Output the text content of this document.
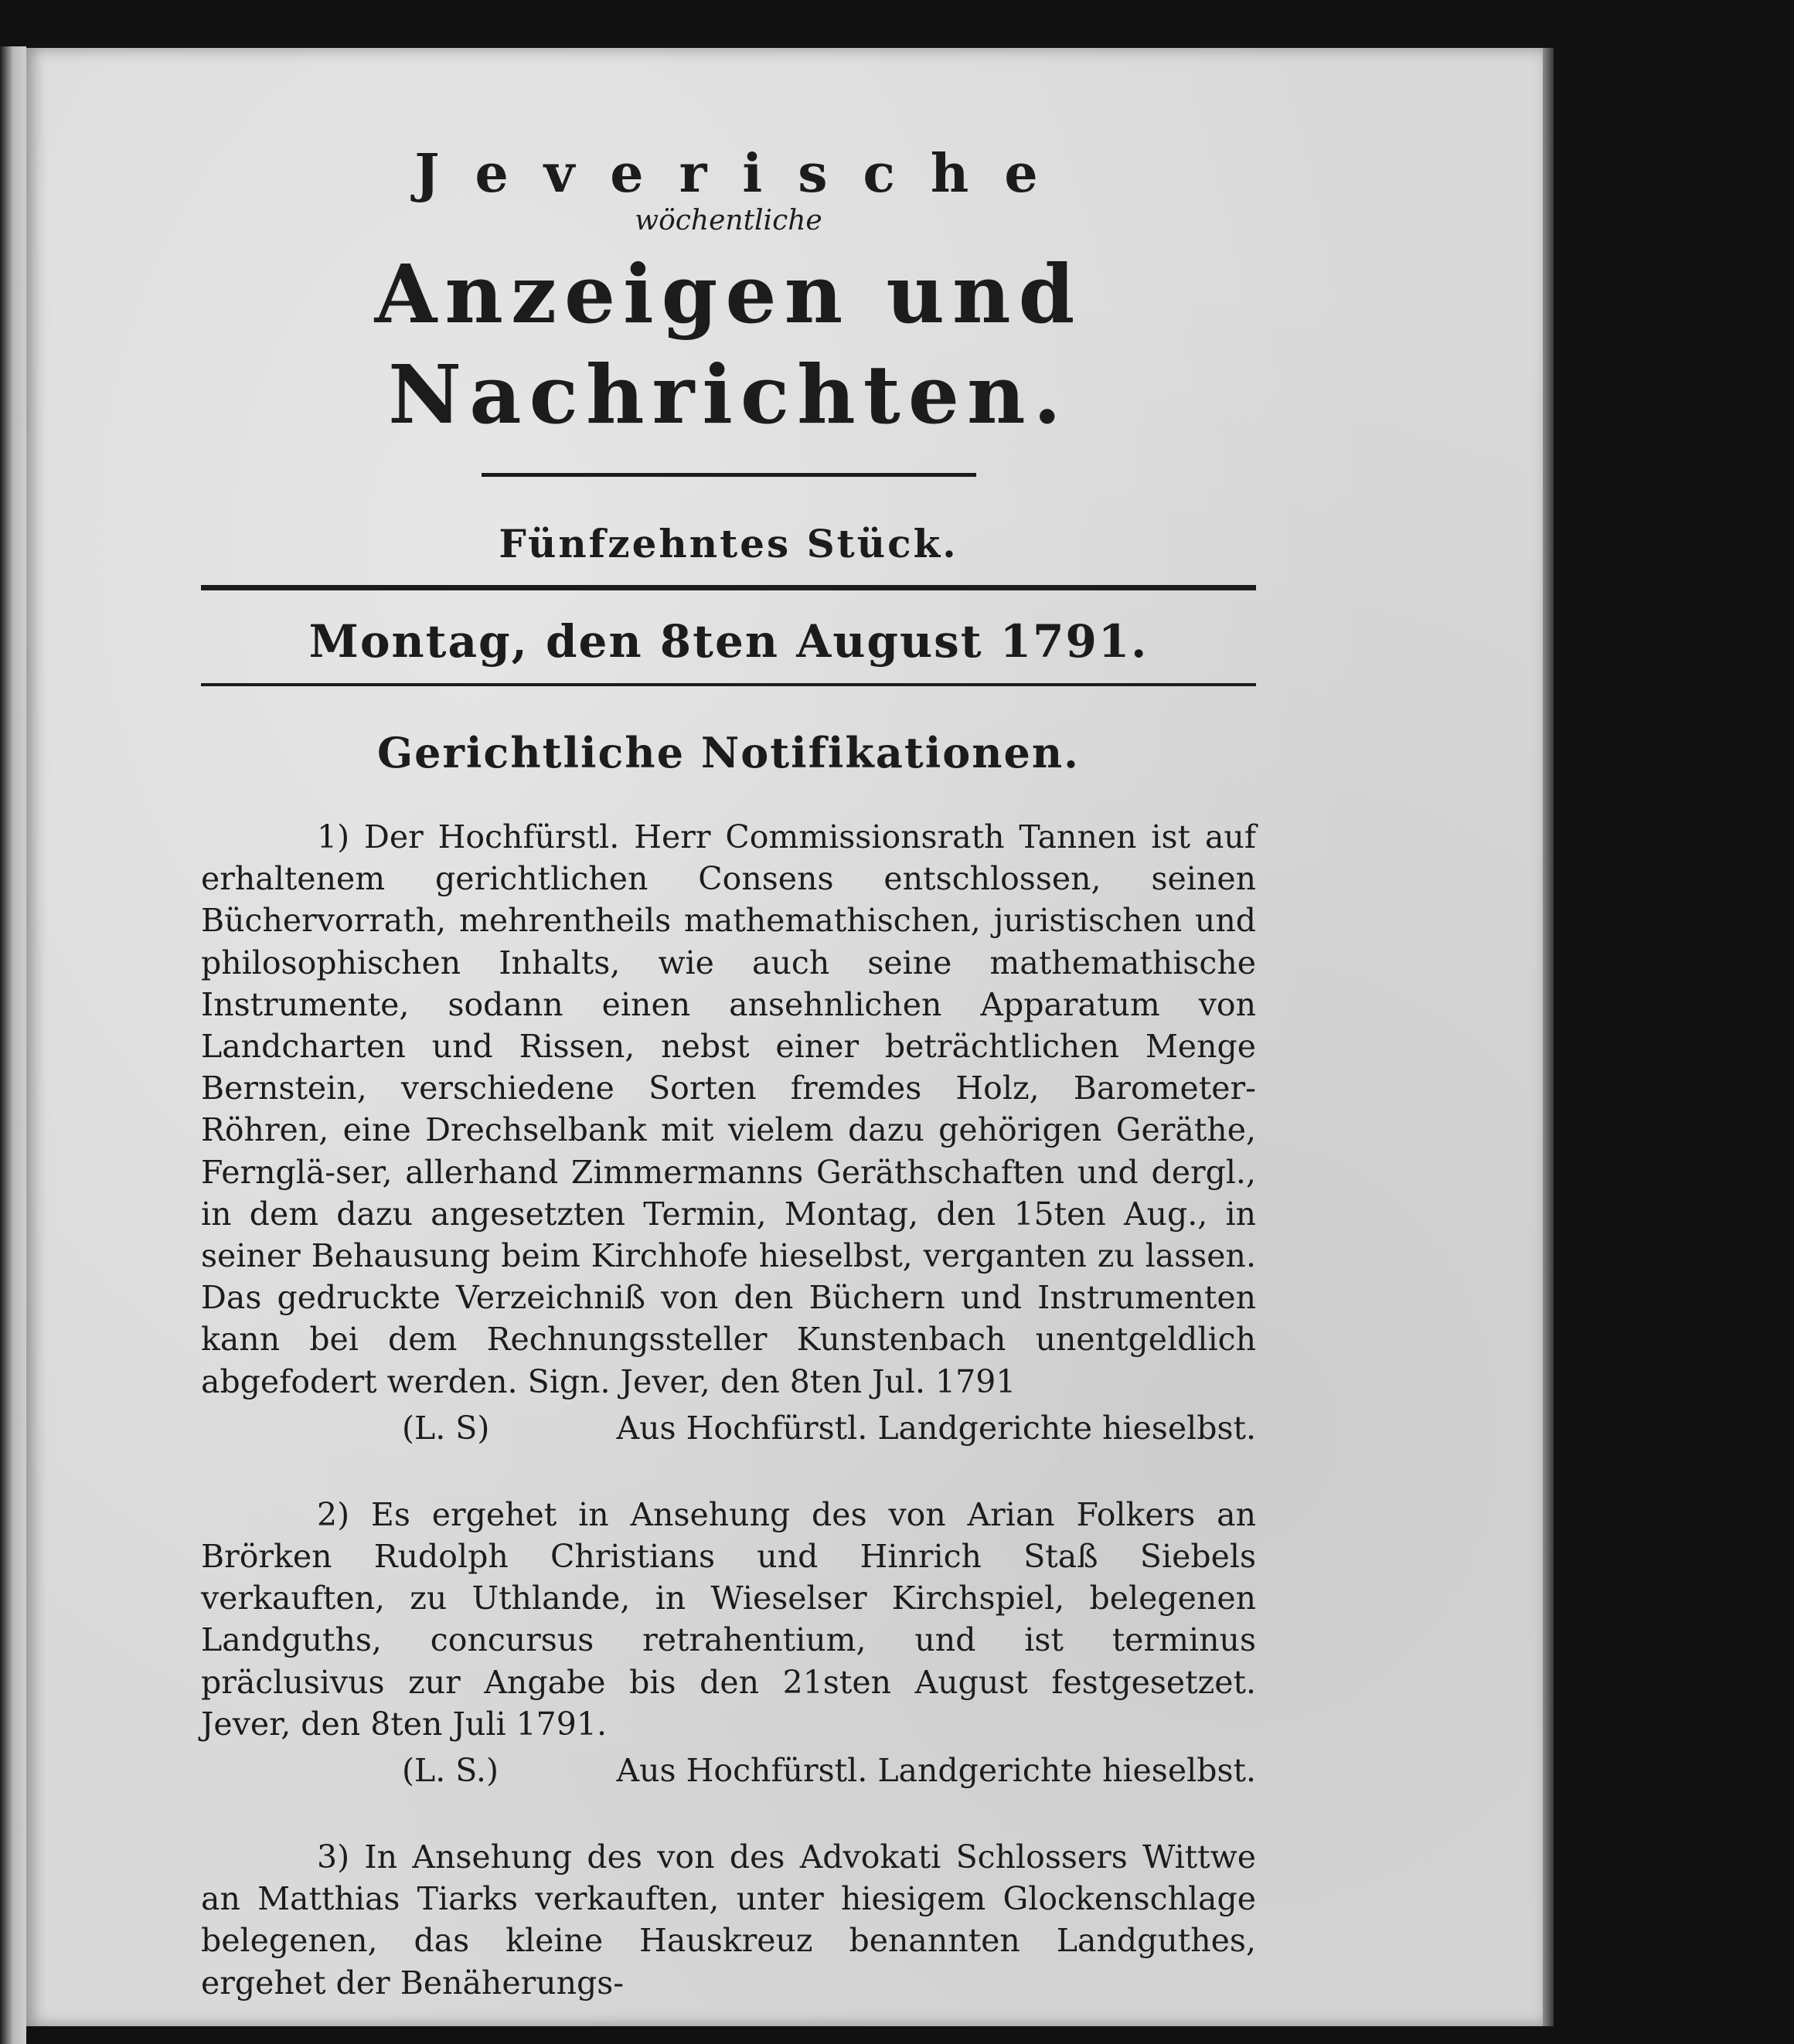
Jeverische
wöchentliche
Anzeigen und Nachrichten.
Fünfzehntes Stück.
Montag, den 8ten August 1791.
Gerichtliche Notifikationen.

1) Der Hochfürstl. Herr Commissionsrath Tannen ist auf erhaltenem gerichtlichen Consens entschlossen, seinen Büchervorrath, mehrentheils mathemathischen, juristischen und philosophischen Inhalts, wie auch seine mathemathische Instrumente, sodann einen ansehnlichen Apparatum von Landcharten und Rissen, nebst einer beträchtlichen Menge Bernstein, verschiedene Sorten fremdes Holz, Barometer-Röhren, eine Drechselbank mit vielem dazu gehörigen Geräthe, Fernglä-ser, allerhand Zimmermanns Geräthschaften und dergl., in dem dazu angesetzten Termin, Montag, den 15ten Aug., in seiner Behausung beim Kirchhofe hieselbst, verganten zu lassen. Das gedruckte Verzeichniß von den Büchern und Instrumenten kann bei dem Rechnungssteller Kunstenbach unentgeldlich abgefodert werden. Sign. Jever, den 8ten Jul. 1791

(L. S)	Aus Hochfürstl. Landgerichte hieselbst.

2) Es ergehet in Ansehung des von Arian Folkers an Brörken Rudolph Christians und Hinrich Staß Siebels verkauften, zu Uthlande, in Wieselser Kirchspiel, belegenen Landguths, concursus retrahentium, und ist terminus präclusivus zur Angabe bis den 21sten August festgesetzet. Jever, den 8ten Juli 1791.

(L. S.)	Aus Hochfürstl. Landgerichte hieselbst.

3) In Ansehung des von des Advokati Schlossers Wittwe an Matthias Tiarks verkauften, unter hiesigem Glockenschlage belegenen, das kleine Hauskreuz benannten Landguthes, ergehet der Benäherungs-
